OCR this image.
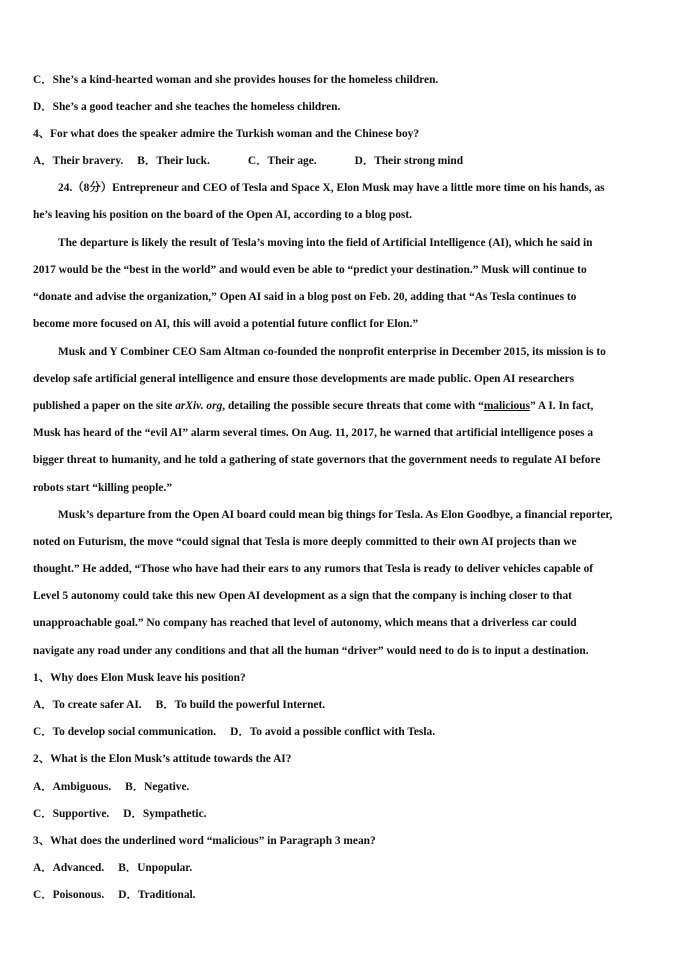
C．She’s a kind-hearted woman and she provides houses for the homeless children.
D．She’s a good teacher and she teaches the homeless children.
4、For what does the speaker admire the Turkish woman and the Chinese boy?
A．Their bravery. B．Their luck.	C．Their age.	D．Their strong mind
24.（8分）Entrepreneur and CEO of Tesla and Space X, Elon Musk may have a little more time on his hands, as
he’s leaving his position on the board of the Open AI, according to a blog post.
The departure is likely the result of Tesla’s moving into the field of Artificial Intelligence (AI), which he said in
2017 would be the “best in the world” and would even be able to “predict your destination.” Musk will continue to
“donate and advise the organization,” Open AI said in a blog post on Feb. 20, adding that “As Tesla continues to
become more focused on AI, this will avoid a potential future conflict for Elon.”
Musk and Y Combiner CEO Sam Altman co-founded the nonprofit enterprise in December 2015, its mission is to
develop safe artificial general intelligence and ensure those developments are made public. Open AI researchers
published a paper on the site arXiv. org, detailing the possible secure threats that come with “malicious” A I. In fact,
Musk has heard of the “evil AI” alarm several times. On Aug. 11, 2017, he warned that artificial intelligence poses a
bigger threat to humanity, and he told a gathering of state governors that the government needs to regulate AI before
robots start “killing people.”
Musk’s departure from the Open AI board could mean big things for Tesla. As Elon Goodbye, a financial reporter,
noted on Futurism, the move “could signal that Tesla is more deeply committed to their own AI projects than we
thought.” He added, “Those who have had their ears to any rumors that Tesla is ready to deliver vehicles capable of
Level 5 autonomy could take this new Open AI development as a sign that the company is inching closer to that
unapproachable goal.” No company has reached that level of autonomy, which means that a driverless car could
navigate any road under any conditions and that all the human “driver” would need to do is to input a destination.
1、Why does Elon Musk leave his position?
A．To create safer AI. B．To build the powerful Internet.
C．To develop social communication. D．To avoid a possible conflict with Tesla.
2、What is the Elon Musk’s attitude towards the AI?
A．Ambiguous. B．Negative.
C．Supportive. D．Sympathetic.
3、What does the underlined word “malicious” in Paragraph 3 mean?
A．Advanced. B．Unpopular.
C．Poisonous. D．Traditional.
